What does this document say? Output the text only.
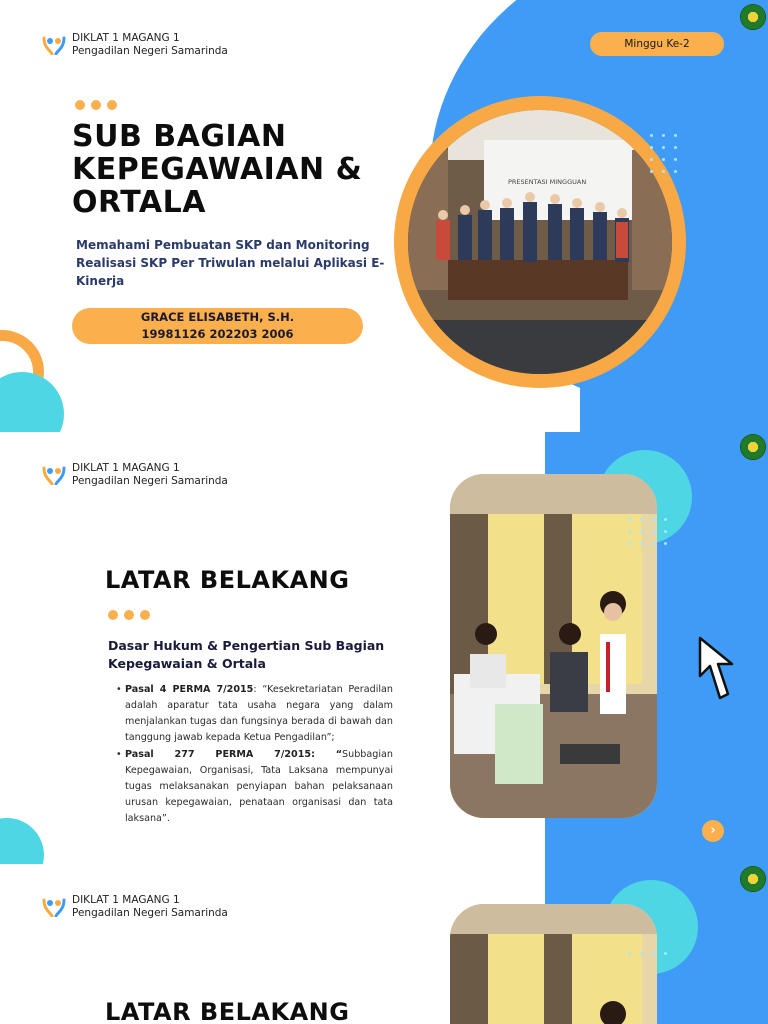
DIKLAT 1 MAGANG 1
Pengadilan Negeri Samarinda
Minggu Ke-2
SUB BAGIAN
KEPEGAWAIAN &
ORTALA
Memahami Pembuatan SKP dan Monitoring Realisasi SKP Per Triwulan melalui Aplikasi E-Kinerja
GRACE ELISABETH, S.H.
19981126 202203 2006
PRESENTASI MINGGUAN
DIKLAT 1 MAGANG 1
Pengadilan Negeri Samarinda
LATAR BELAKANG
Dasar Hukum & Pengertian Sub Bagian Kepegawaian & Ortala
• Pasal 4 PERMA 7/2015: “Kesekretariatan Peradilan adalah aparatur tata usaha negara yang dalam menjalankan tugas dan fungsinya berada di bawah dan tanggung jawab kepada Ketua Pengadilan”;
• Pasal 277 PERMA 7/2015: “Subbagian Kepegawaian, Organisasi, Tata Laksana mempunyai tugas melaksanakan penyiapan bahan pelaksanaan urusan kepegawaian, penataan organisasi dan tata laksana”.
›
DIKLAT 1 MAGANG 1
Pengadilan Negeri Samarinda
LATAR BELAKANG
